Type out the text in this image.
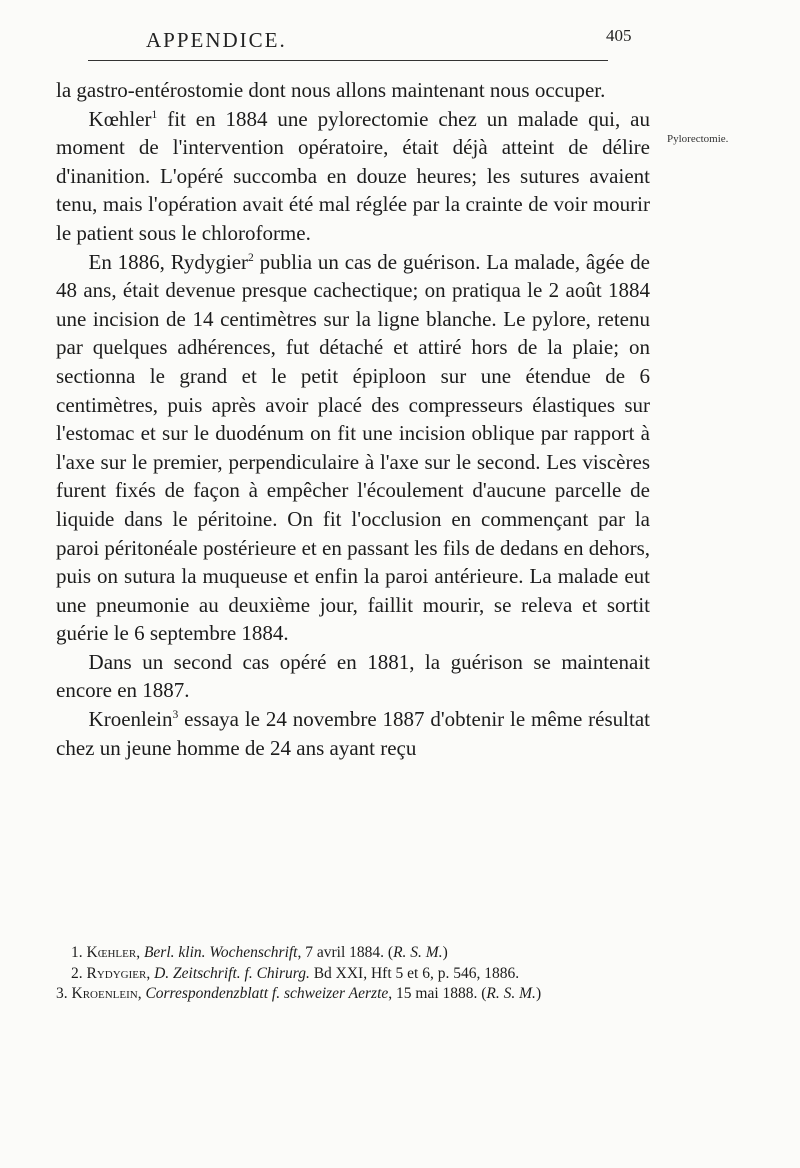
APPENDICE.	405
Pylorectomie.

la gastro-entérostomie dont nous allons maintenant nous occuper.

Kœhler$^1$ fit en 1884 une pylorectomie chez un malade qui, au moment de l'intervention opératoire, était déjà atteint de délire d'inanition. L'opéré succomba en douze heures; les sutures avaient tenu, mais l'opération avait été mal réglée par la crainte de voir mourir le patient sous le chloroforme.

En 1886, Rydygier$^2$ publia un cas de guérison. La malade, âgée de 48 ans, était devenue presque cachectique; on pratiqua le 2 août 1884 une incision de 14 centimètres sur la ligne blanche. Le pylore, retenu par quelques adhérences, fut détaché et attiré hors de la plaie; on sectionna le grand et le petit épiploon sur une étendue de 6 centimètres, puis après avoir placé des compresseurs élastiques sur l'estomac et sur le duodénum on fit une incision oblique par rapport à l'axe sur le premier, perpendiculaire à l'axe sur le second. Les viscères furent fixés de façon à empêcher l'écoulement d'aucune parcelle de liquide dans le péritoine. On fit l'occlusion en commençant par la paroi péritonéale postérieure et en passant les fils de dedans en dehors, puis on sutura la muqueuse et enfin la paroi antérieure. La malade eut une pneumonie au deuxième jour, faillit mourir, se releva et sortit guérie le 6 septembre 1884.

Dans un second cas opéré en 1881, la guérison se maintenait encore en 1887.

Kroenlein$^3$ essaya le 24 novembre 1887 d'obtenir le même résultat chez un jeune homme de 24 ans ayant reçu

1. Kœhler, Berl. klin. Wochenschrift, 7 avril 1884. (R. S. M.)

2. Rydygier, D. Zeitschrift. f. Chirurg. Bd XXI, Hft 5 et 6, p. 546, 1886.

3. Kroenlein, Correspondenzblatt f. schweizer Aerzte, 15 mai 1888. (R. S. M.)
